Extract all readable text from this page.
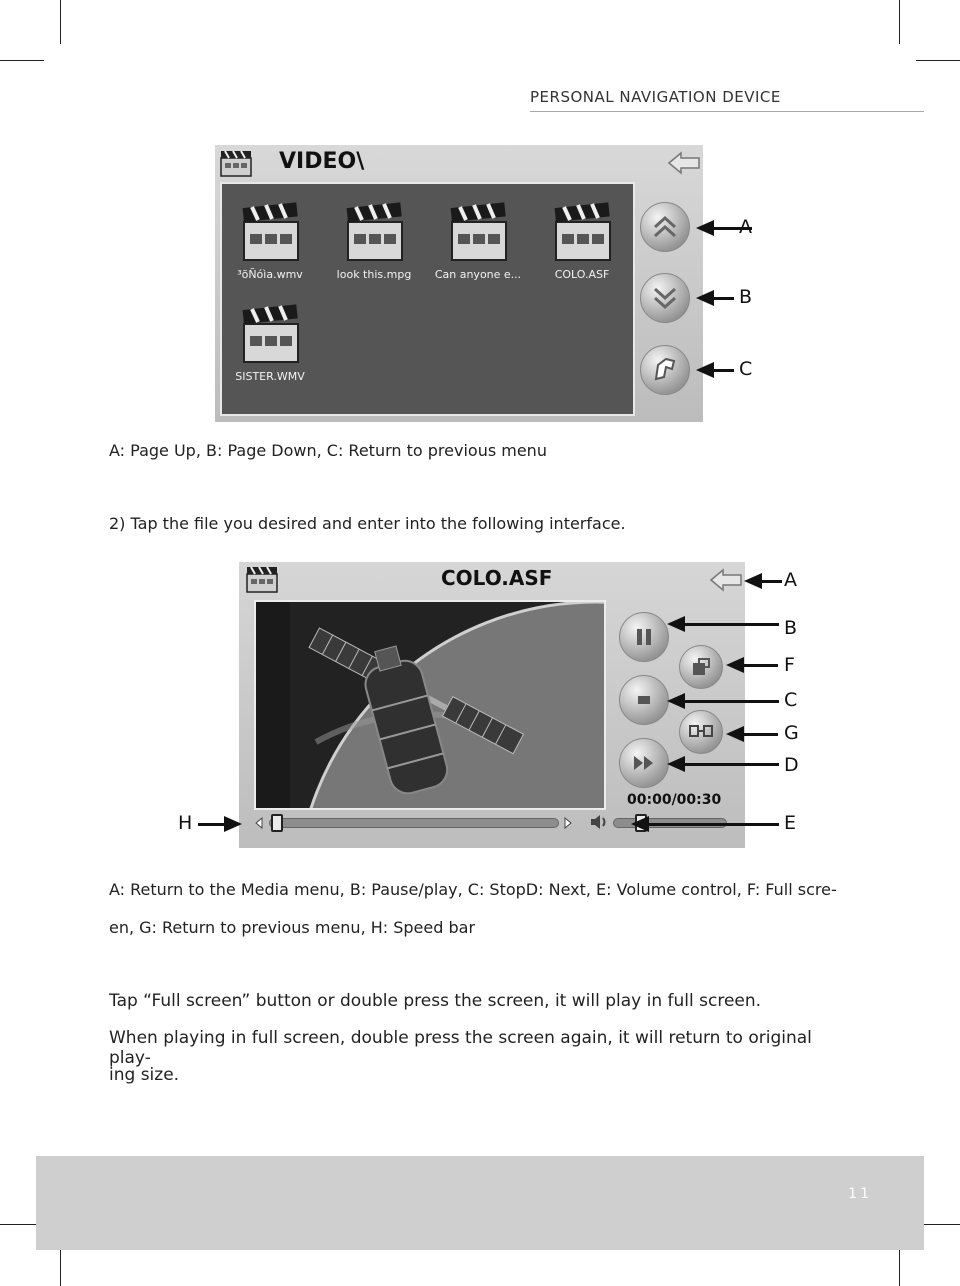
PERSONAL NAVIGATION DEVICE
VIDEO\
³õÑóìa.wmv	look this.mpg	Can anyone e...	COLO.ASF
SISTER.WMV
A
B
C
A: Page Up, B: Page Down, C: Return to previous menu
2) Tap the file you desired and enter into the following interface.
COLO.ASF
00:00/00:30
A
B
F
C
G
D
E
H
A: Return to the Media menu, B: Pause/play, C: StopD: Next, E: Volume control, F: Full scre-
en, G: Return to previous menu, H: Speed bar
Tap “Full screen” button or double press the screen, it will play in full screen.
When playing in full screen, double press the screen again, it will return to original play-
ing size.
11
